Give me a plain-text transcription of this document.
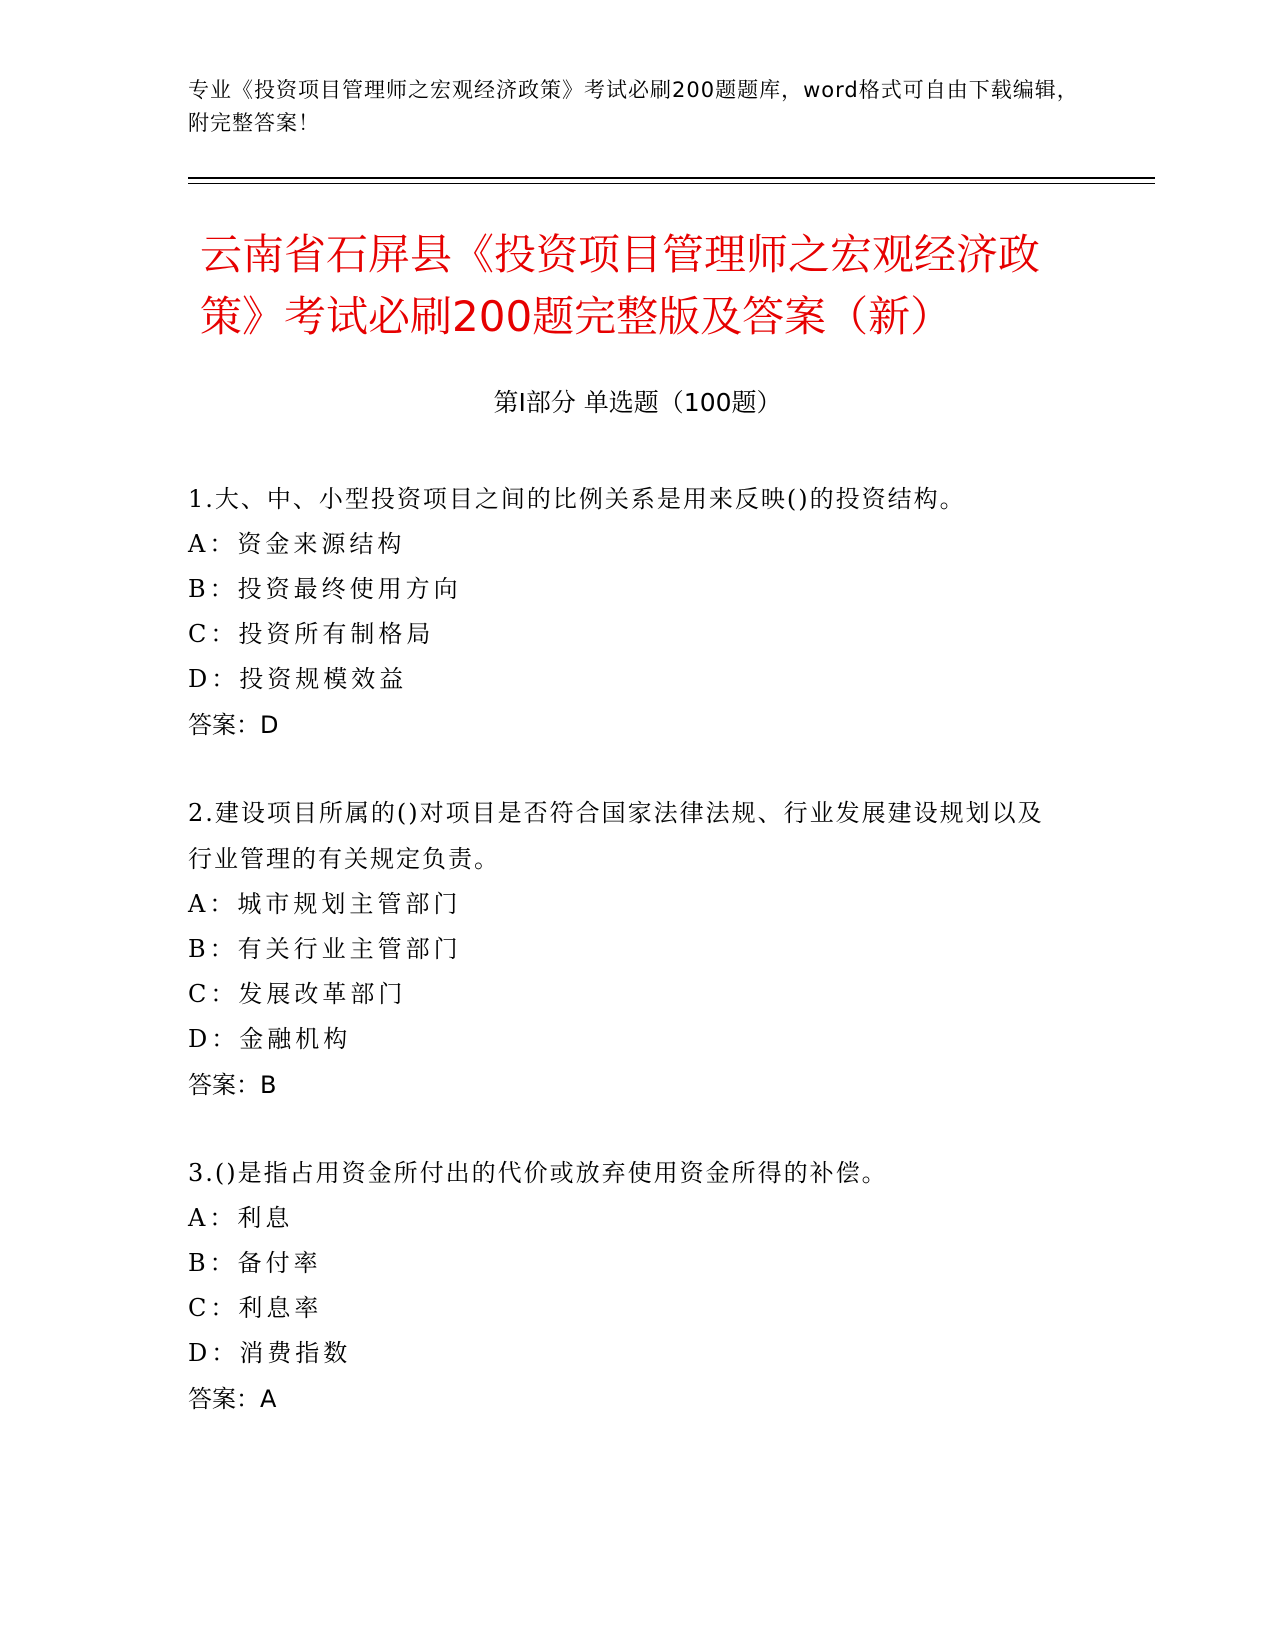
专业《投资项目管理师之宏观经济政策》考试必刷200题题库，word格式可自由下载编辑，附完整答案！
云南省石屏县《投资项目管理师之宏观经济政策》考试必刷200题完整版及答案（新）
第Ⅰ部分 单选题（100题）
1.大、中、小型投资项目之间的比例关系是用来反映()的投资结构。
A：资金来源结构
B：投资最终使用方向
C：投资所有制格局
D：投资规模效益
答案：D
2.建设项目所属的()对项目是否符合国家法律法规、行业发展建设规划以及行业管理的有关规定负责。
A：城市规划主管部门
B：有关行业主管部门
C：发展改革部门
D：金融机构
答案：B
3.()是指占用资金所付出的代价或放弃使用资金所得的补偿。
A：利息
B：备付率
C：利息率
D：消费指数
答案：A
